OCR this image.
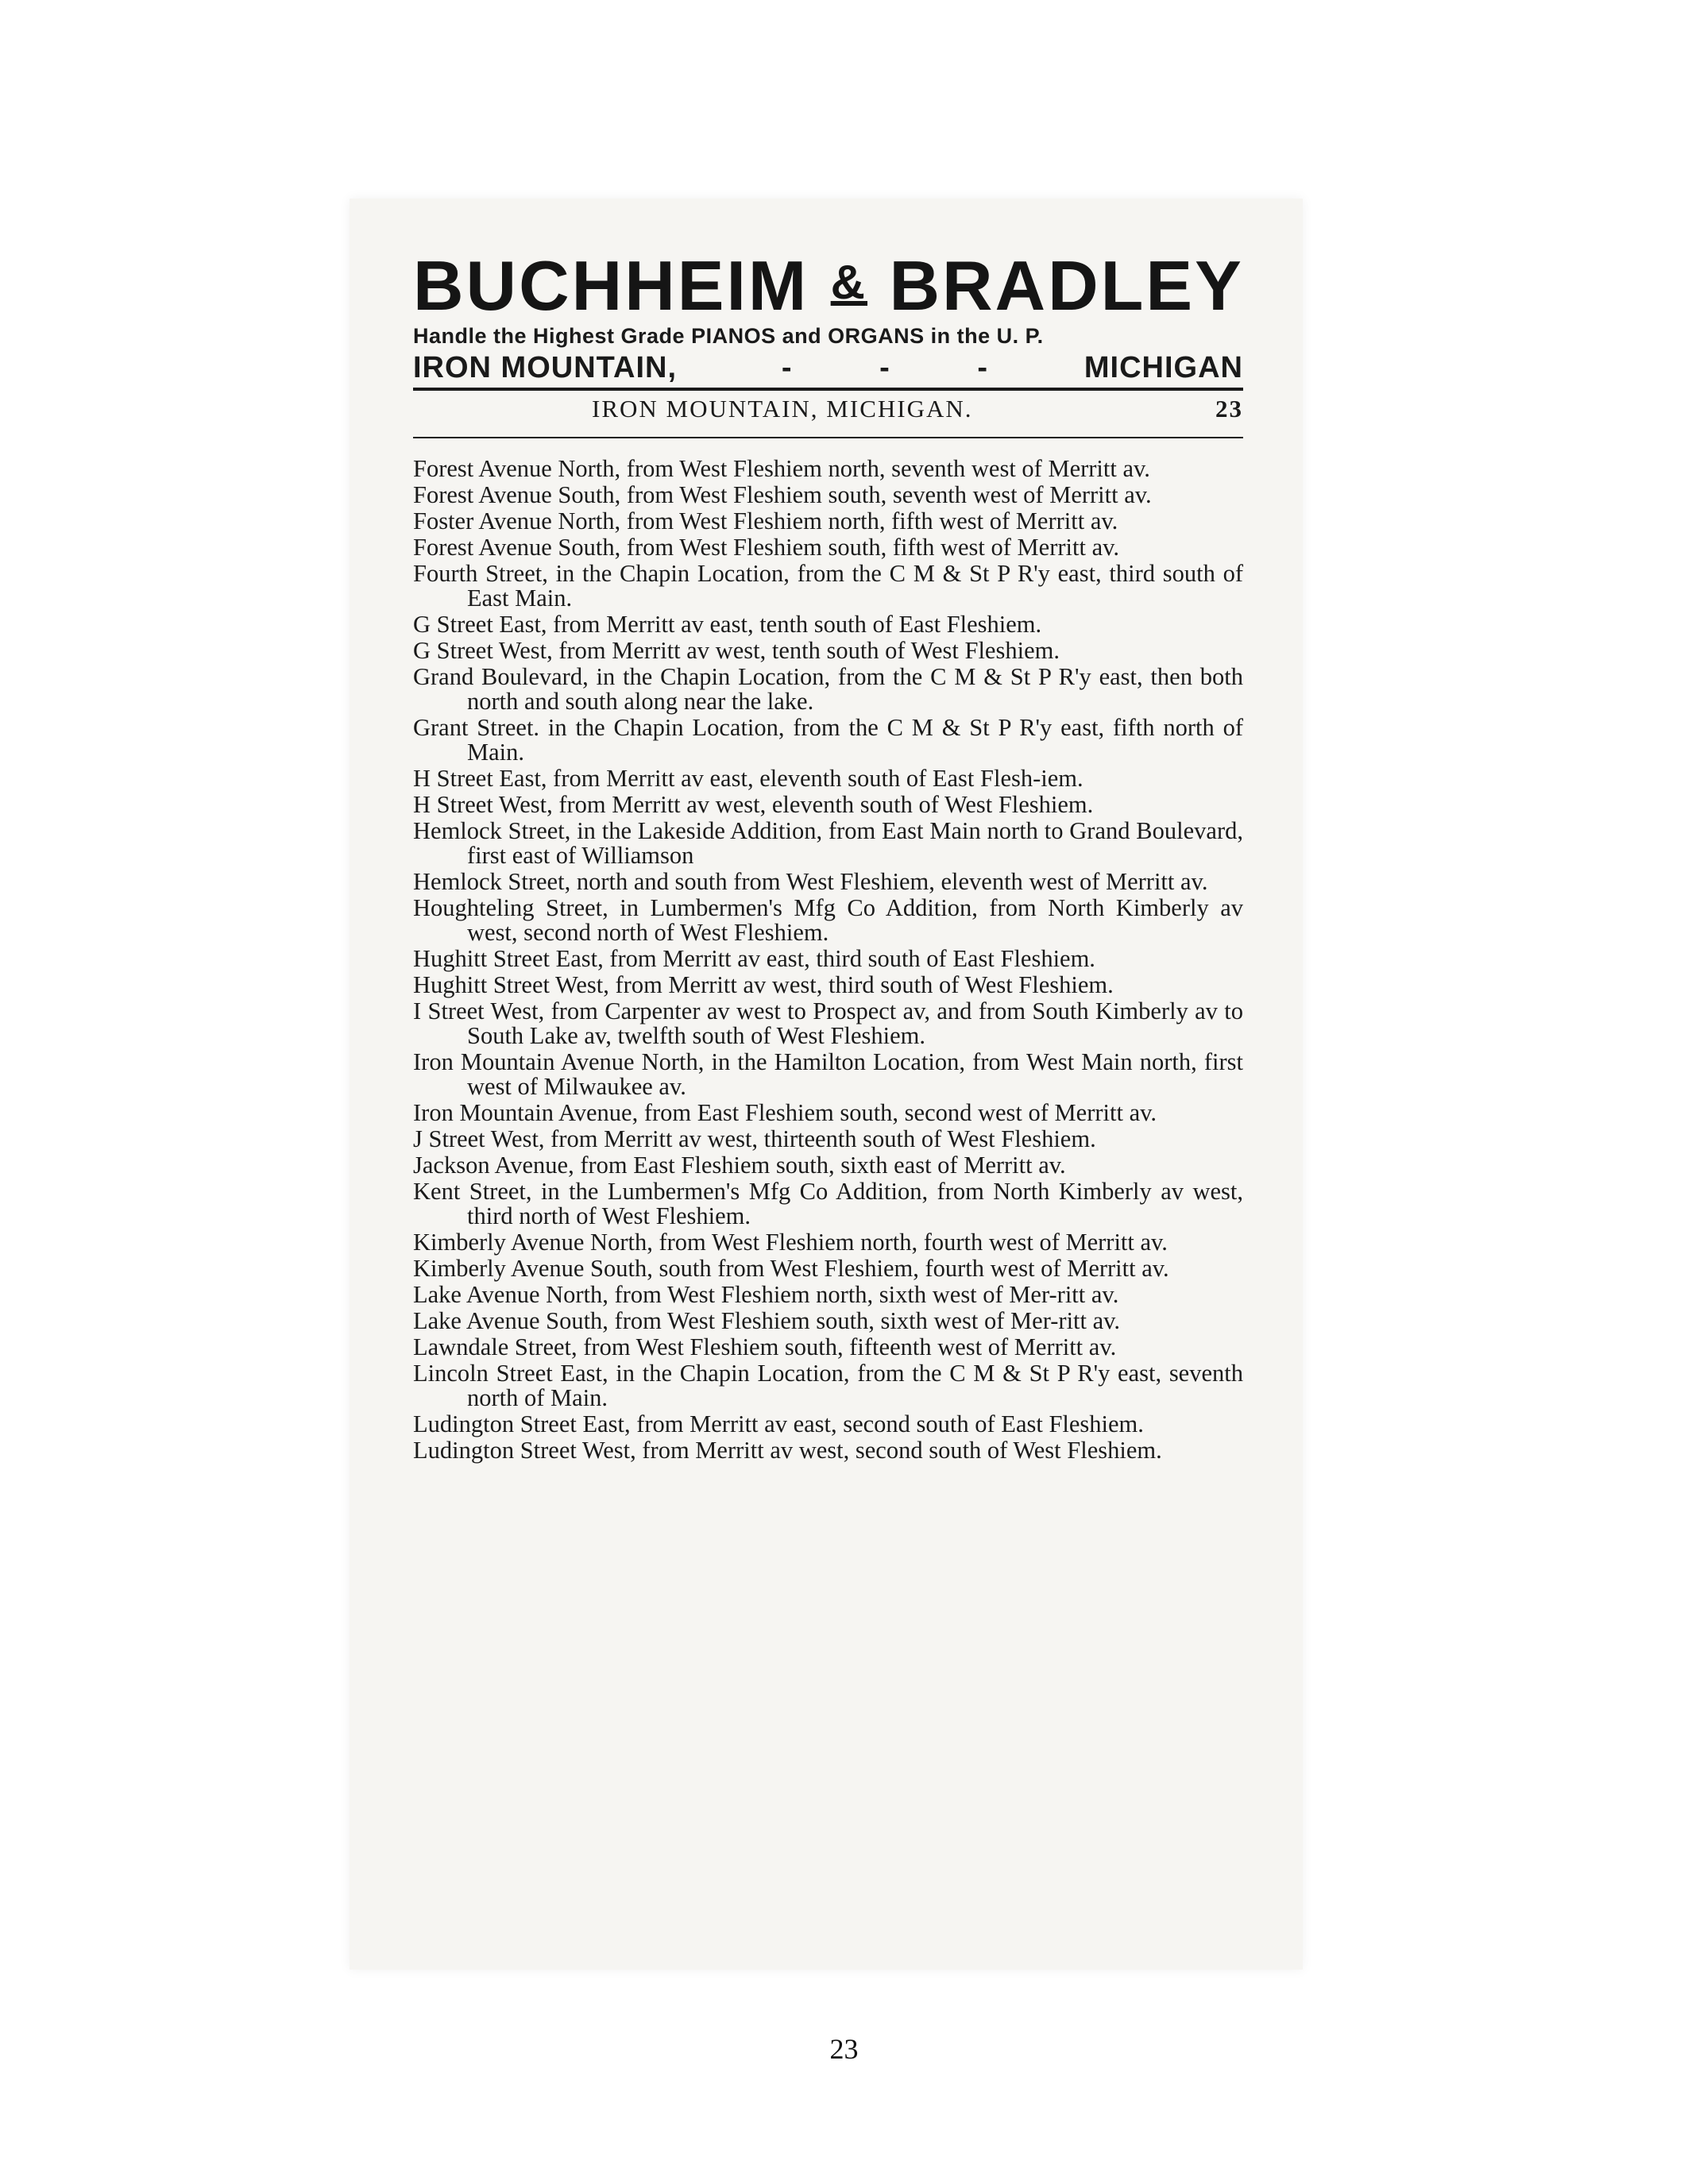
BUCHHEIM & BRADLEY
Handle the Highest Grade PIANOS and ORGANS in the U. P.
IRON MOUNTAIN,	- - - MICHIGAN
IRON MOUNTAIN, MICHIGAN.	23

Forest Avenue North, from West Fleshiem north, seventh west of Merritt av.

Forest Avenue South, from West Fleshiem south, seventh west of Merritt av.

Foster Avenue North, from West Fleshiem north, fifth west of Merritt av.

Forest Avenue South, from West Fleshiem south, fifth west of Merritt av.

Fourth Street, in the Chapin Location, from the C M & St P R'y east, third south of East Main.

G Street East, from Merritt av east, tenth south of East Fleshiem.

G Street West, from Merritt av west, tenth south of West Fleshiem.

Grand Boulevard, in the Chapin Location, from the C M & St P R'y east, then both north and south along near the lake.

Grant Street. in the Chapin Location, from the C M & St P R'y east, fifth north of Main.

H Street East, from Merritt av east, eleventh south of East Flesh-iem.

H Street West, from Merritt av west, eleventh south of West Fleshiem.

Hemlock Street, in the Lakeside Addition, from East Main north to Grand Boulevard, first east of Williamson

Hemlock Street, north and south from West Fleshiem, eleventh west of Merritt av.

Houghteling Street, in Lumbermen's Mfg Co Addition, from North Kimberly av west, second north of West Fleshiem.

Hughitt Street East, from Merritt av east, third south of East Fleshiem.

Hughitt Street West, from Merritt av west, third south of West Fleshiem.

I Street West, from Carpenter av west to Prospect av, and from South Kimberly av to South Lake av, twelfth south of West Fleshiem.

Iron Mountain Avenue North, in the Hamilton Location, from West Main north, first west of Milwaukee av.

Iron Mountain Avenue, from East Fleshiem south, second west of Merritt av.

J Street West, from Merritt av west, thirteenth south of West Fleshiem.

Jackson Avenue, from East Fleshiem south, sixth east of Merritt av.

Kent Street, in the Lumbermen's Mfg Co Addition, from North Kimberly av west, third north of West Fleshiem.

Kimberly Avenue North, from West Fleshiem north, fourth west of Merritt av.

Kimberly Avenue South, south from West Fleshiem, fourth west of Merritt av.

Lake Avenue North, from West Fleshiem north, sixth west of Mer-ritt av.

Lake Avenue South, from West Fleshiem south, sixth west of Mer-ritt av.

Lawndale Street, from West Fleshiem south, fifteenth west of Merritt av.

Lincoln Street East, in the Chapin Location, from the C M & St P R'y east, seventh north of Main.

Ludington Street East, from Merritt av east, second south of East Fleshiem.

Ludington Street West, from Merritt av west, second south of West Fleshiem.

23
